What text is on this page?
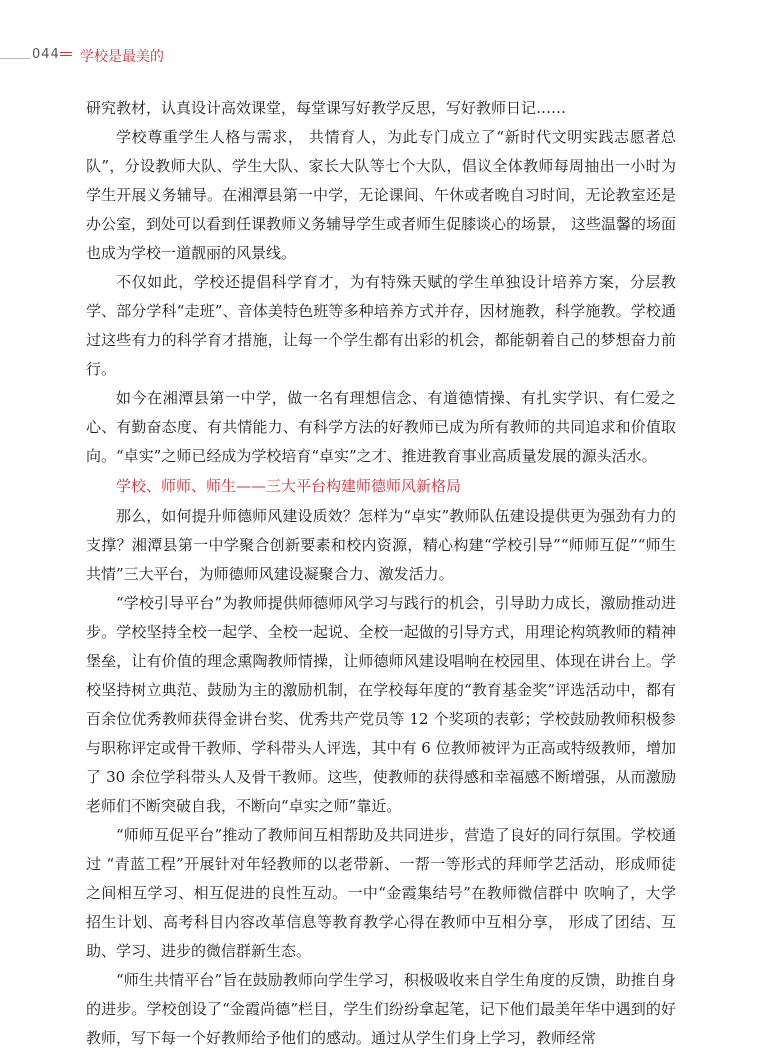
044 学校是最美的

研究教材，认真设计高效课堂，每堂课写好教学反思，写好教师日记……

学校尊重学生人格与需求， 共情育人，为此专门成立了“新时代文明实践志愿者总队”，分设教师大队、学生大队、家长大队等七个大队，倡议全体教师每周抽出一小时为学生开展义务辅导。在湘潭县第一中学，无论课间、午休或者晚自习时间，无论教室还是办公室，到处可以看到任课教师义务辅导学生或者师生促膝谈心的场景， 这些温馨的场面也成为学校一道靓丽的风景线。

不仅如此，学校还提倡科学育才，为有特殊天赋的学生单独设计培养方案，分层教学、部分学科“走班”、音体美特色班等多种培养方式并存，因材施教，科学施教。学校通过这些有力的科学育才措施，让每一个学生都有出彩的机会，都能朝着自己的梦想奋力前行。

如今在湘潭县第一中学，做一名有理想信念、有道德情操、有扎实学识、有仁爱之心、有勤奋态度、有共情能力、有科学方法的好教师已成为所有教师的共同追求和价值取向。“卓实”之师已经成为学校培育“卓实”之才、推进教育事业高质量发展的源头活水。

学校、师师、师生——三大平台构建师德师风新格局

那么，如何提升师德师风建设质效？怎样为“卓实”教师队伍建设提供更为强劲有力的支撑？湘潭县第一中学聚合创新要素和校内资源，精心构建“学校引导”“师师互促”“师生共情”三大平台，为师德师风建设凝聚合力、激发活力。

“学校引导平台”为教师提供师德师风学习与践行的机会，引导助力成长，激励推动进步。学校坚持全校一起学、全校一起说、全校一起做的引导方式，用理论构筑教师的精神堡垒，让有价值的理念熏陶教师情操，让师德师风建设唱响在校园里、体现在讲台上。学校坚持树立典范、鼓励为主的激励机制，在学校每年度的“教育基金奖”评选活动中，都有百余位优秀教师获得金讲台奖、优秀共产党员等 12 个奖项的表彰；学校鼓励教师积极参与职称评定或骨干教师、学科带头人评选，其中有 6 位教师被评为正高或特级教师，增加了 30 余位学科带头人及骨干教师。这些，使教师的获得感和幸福感不断增强，从而激励老师们不断突破自我，不断向“卓实之师”靠近。

“师师互促平台”推动了教师间互相帮助及共同进步，营造了良好的同行氛围。学校通过 “青蓝工程”开展针对年轻教师的以老带新、一帮一等形式的拜师学艺活动，形成师徒之间相互学习、相互促进的良性互动。一中“金霞集结号”在教师微信群中 吹响了，大学招生计划、高考科目内容改革信息等教育教学心得在教师中互相分享， 形成了团结、互助、学习、进步的微信群新生态。

“师生共情平台”旨在鼓励教师向学生学习，积极吸收来自学生角度的反馈，助推自身的进步。学校创设了“金霞尚德”栏目，学生们纷纷拿起笔，记下他们最美年华中遇到的好教师，写下每一个好教师给予他们的感动。通过从学生们身上学习，教师经常
